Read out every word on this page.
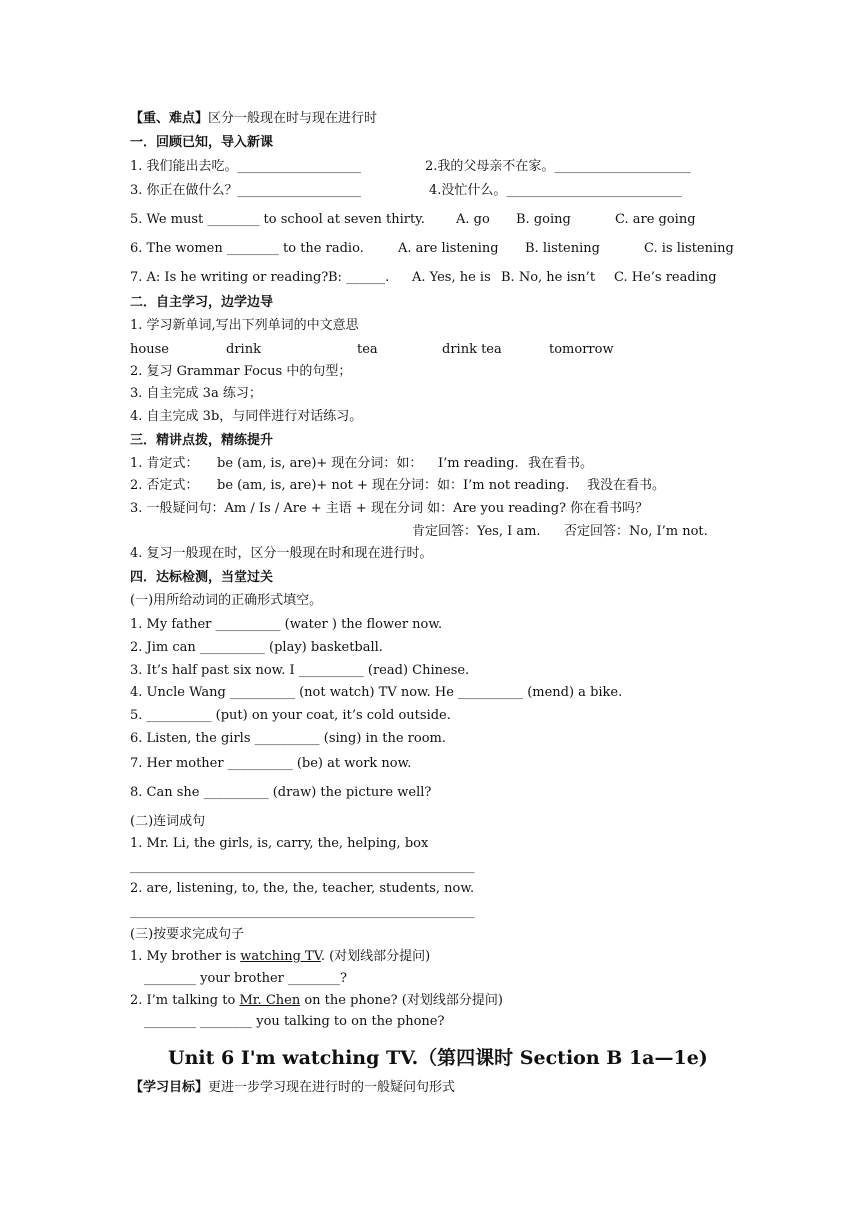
【重、难点】区分一般现在时与现在进行时
一．回顾已知，导入新课
1. 我们能出去吃。___________________	2.我的父母亲不在家。_____________________
3. 你正在做什么？___________________	4.没忙什么。___________________________
5. We must ________ to school at seven thirty. A. go B. going	C. are going
6. The women ________ to the radio.	A. are listening B. listening	C. is listening
7. A: Is he writing or reading? B: ______. A. Yes, he is B. No, he isn’t C. He’s reading
二．自主学习，边学边导
1. 学习新单词,写出下列单词的中文意思
house	drink	tea	drink tea	tomorrow
2. 复习 Grammar Focus 中的句型；
3. 自主完成 3a 练习；
4. 自主完成 3b，与同伴进行对话练习。
三．精讲点拨，精练提升
1. 肯定式： be (am, is, are)+ 现在分词：如： I’m reading. 我在看书。
2. 否定式： be (am, is, are)+ not + 现在分词：如：I’m not reading. 我没在看书。
3. 一般疑问句：Am / Is / Are + 主语 + 现在分词 如：Are you reading? 你在看书吗？
肯定回答：Yes, I am. 否定回答：No, I’m not.
4. 复习一般现在时，区分一般现在时和现在进行时。
四．达标检测，当堂过关
(一)用所给动词的正确形式填空。
1. My father __________ (water ) the flower now.
2. Jim can __________ (play) basketball.
3. It’s half past six now. I __________ (read) Chinese.
4. Uncle Wang __________ (not watch) TV now. He __________ (mend) a bike.
5. __________ (put) on your coat, it’s cold outside.
6. Listen, the girls __________ (sing) in the room.
7. Her mother __________ (be) at work now.
8. Can she __________ (draw) the picture well?
(二)连词成句
1. Mr. Li, the girls, is, carry, the, helping, box
_____________________________________________________
2. are, listening, to, the, the, teacher, students, now.
_____________________________________________________
(三)按要求完成句子
1. My brother is watching TV. (对划线部分提问)
________ your brother ________?
2. I’m talking to Mr. Chen on the phone? (对划线部分提问)
________ ________ you talking to on the phone?
Unit 6 I'm watching TV.（第四课时 Section B 1a—1e)
【学习目标】更进一步学习现在进行时的一般疑问句形式
